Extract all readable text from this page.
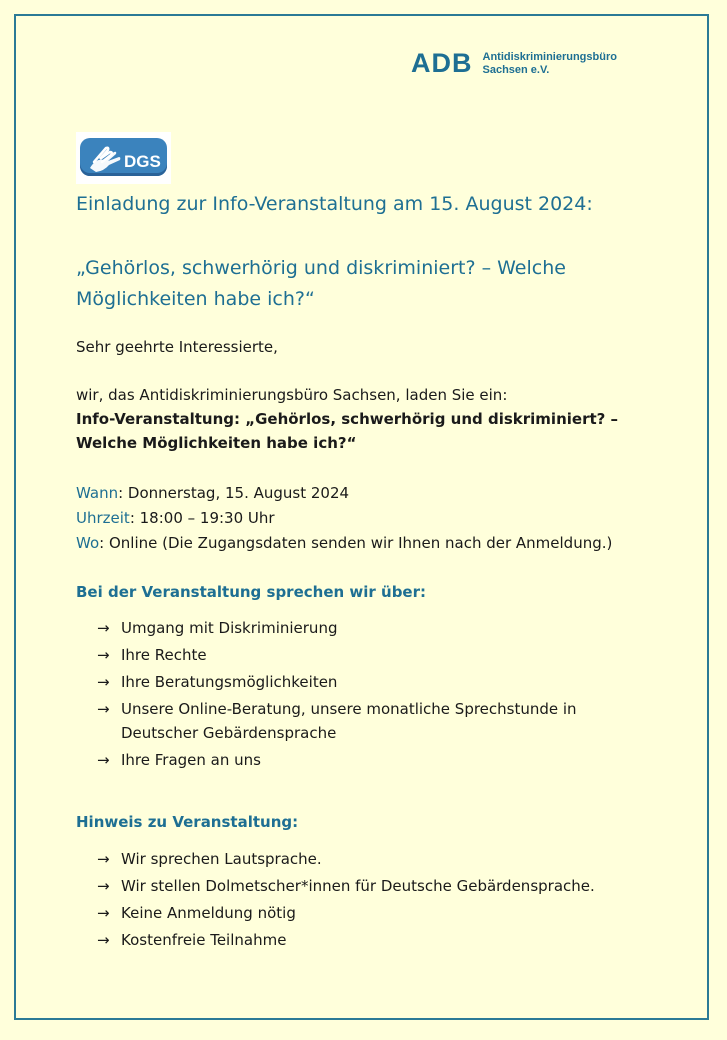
ADB Antidiskriminierungsbüro
Sachsen e.V.
DGS
Einladung zur Info-Veranstaltung am 15. August 2024:
„Gehörlos, schwerhörig und diskriminiert? – Welche Möglichkeiten habe ich?“

Sehr geehrte Interessierte,

wir, das Antidiskriminierungsbüro Sachsen, laden Sie ein:

Info-Veranstaltung: „Gehörlos, schwerhörig und diskriminiert? –

Welche Möglichkeiten habe ich?“

Wann: Donnerstag, 15. August 2024

Uhrzeit: 18:00 – 19:30 Uhr

Wo: Online (Die Zugangsdaten senden wir Ihnen nach der Anmeldung.)

Bei der Veranstaltung sprechen wir über:

→ Umgang mit Diskriminierung
→ Ihre Rechte
→ Ihre Beratungsmöglichkeiten
→ Unsere Online-Beratung, unsere monatliche Sprechstunde in Deutscher Gebärdensprache
→ Ihre Fragen an uns

Hinweis zu Veranstaltung:

→ Wir sprechen Lautsprache.
→ Wir stellen Dolmetscher*innen für Deutsche Gebärdensprache.
→ Keine Anmeldung nötig
→ Kostenfreie Teilnahme
